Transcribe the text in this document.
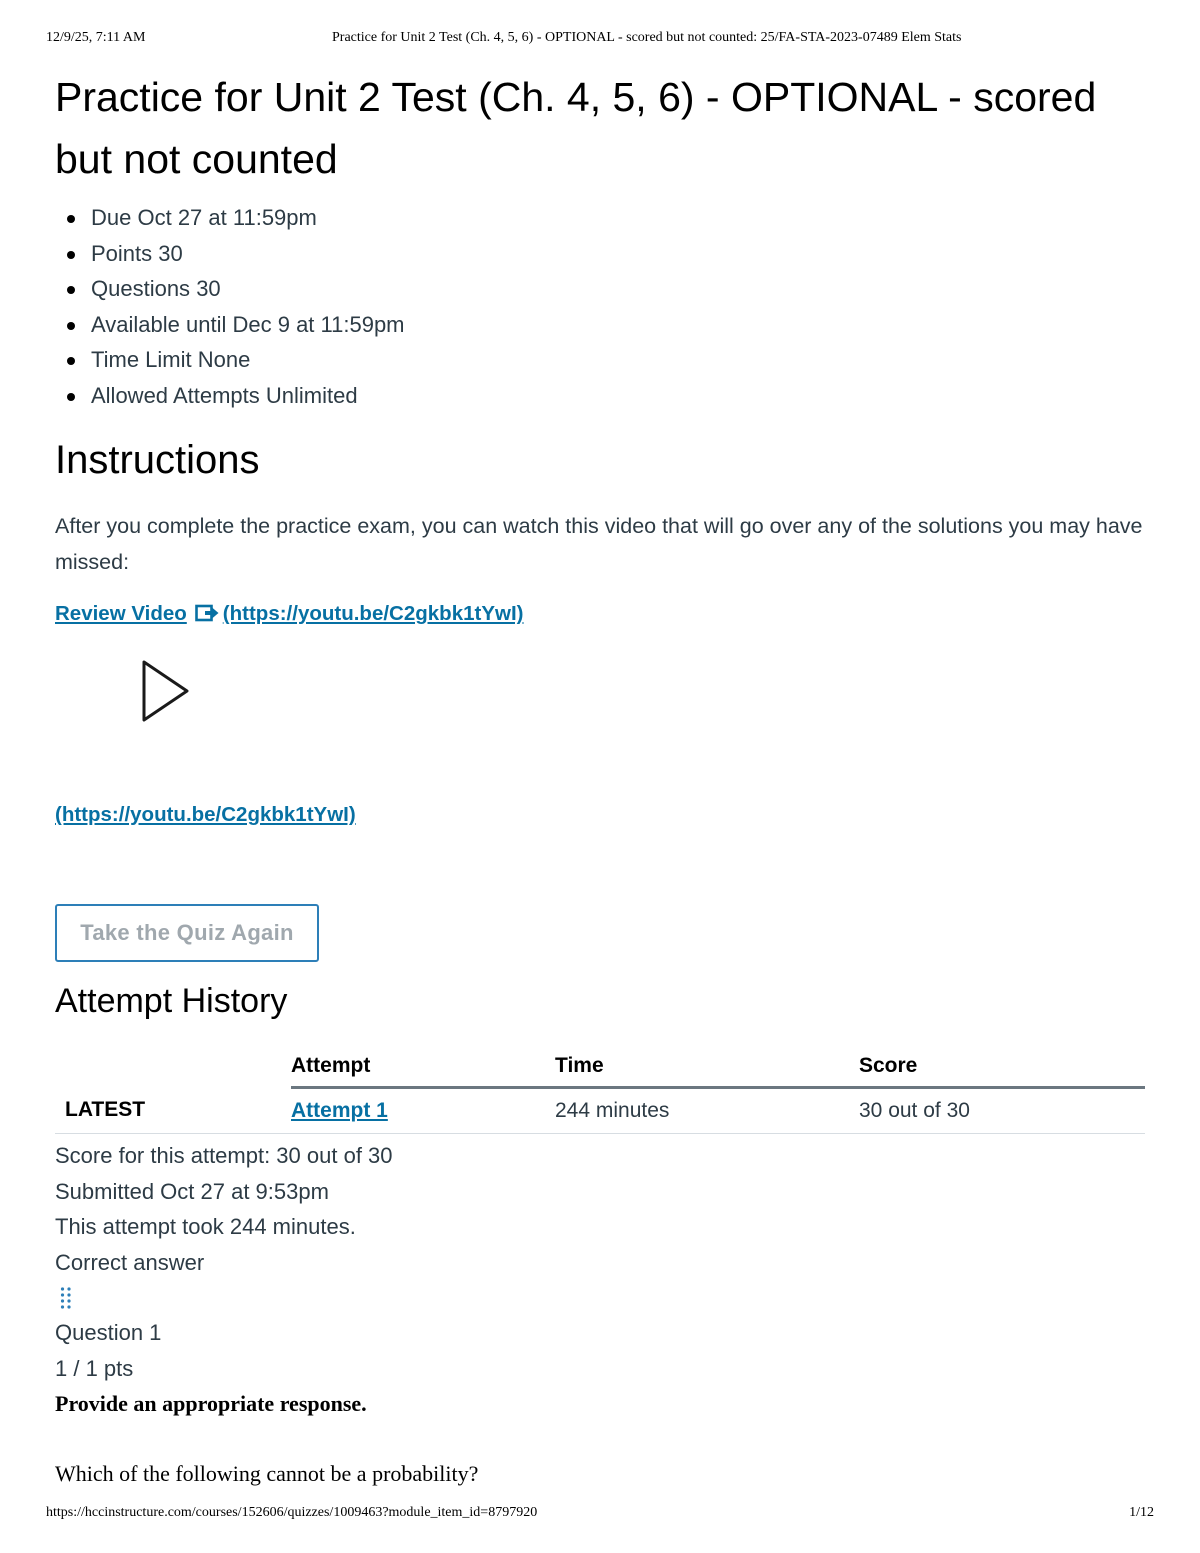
12/9/25, 7:11 AM	Practice for Unit 2 Test (Ch. 4, 5, 6) - OPTIONAL - scored but not counted: 25/FA-STA-2023-07489 Elem Stats
Practice for Unit 2 Test (Ch. 4, 5, 6) - OPTIONAL - scored but not counted
Due Oct 27 at 11:59pm
Points 30
Questions 30
Available until Dec 9 at 11:59pm
Time Limit None
Allowed Attempts Unlimited
Instructions

After you complete the practice exam, you can watch this video that will go over any of the solutions you may have missed:

Review Video (https://youtu.be/C2gkbk1tYwI)
(https://youtu.be/C2gkbk1tYwI)
Take the Quiz Again
Attempt History
	Attempt	Time	Score
LATEST	Attempt 1	244 minutes	30 out of 30
Score for this attempt: 30 out of 30
Submitted Oct 27 at 9:53pm
This attempt took 244 minutes.
Correct answer
Question 1
1 / 1 pts
Provide an appropriate response.
Which of the following cannot be a probability?
https://hccinstructure.com/courses/152606/quizzes/1009463?module_item_id=8797920	1/12
